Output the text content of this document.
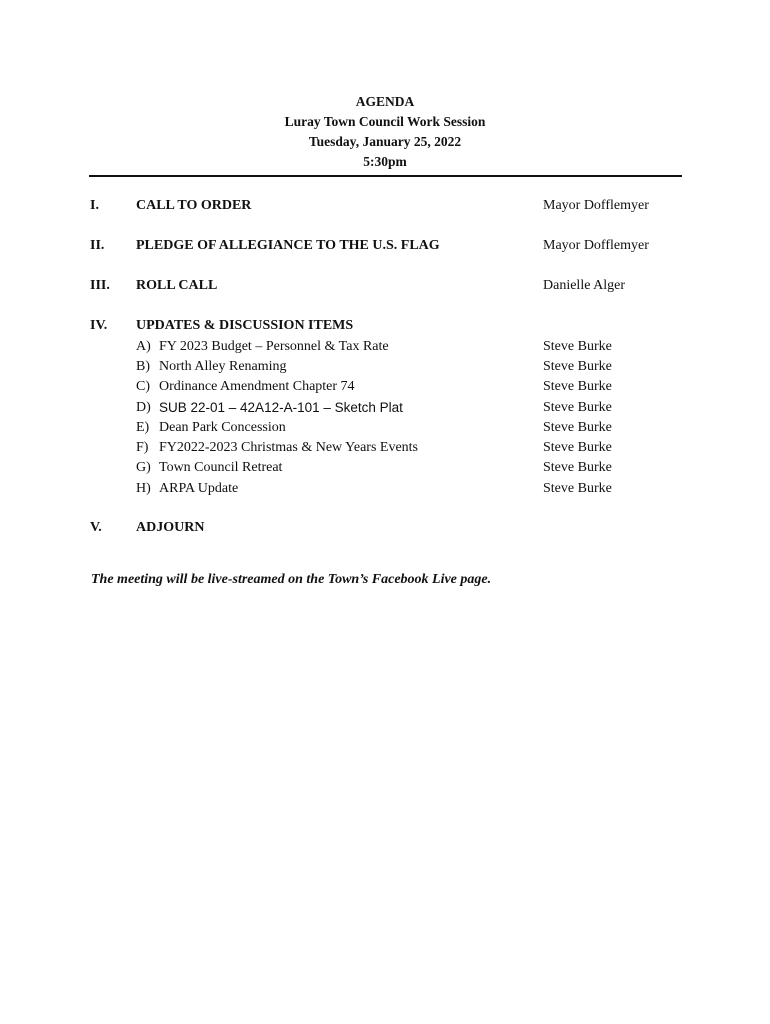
AGENDA
Luray Town Council Work Session
Tuesday, January 25, 2022
5:30pm
I.	CALL TO ORDER	Mayor Dofflemyer
II. PLEDGE OF ALLEGIANCE TO THE U.S. FLAG	Mayor Dofflemyer
III. ROLL CALL	Danielle Alger
IV. UPDATES & DISCUSSION ITEMS
A) FY 2023 Budget – Personnel & Tax Rate	Steve Burke
B) North Alley Renaming	Steve Burke
C) Ordinance Amendment Chapter 74	Steve Burke
D) SUB 22-01 – 42A12-A-101 – Sketch Plat	Steve Burke
E) Dean Park Concession	Steve Burke
F) FY2022-2023 Christmas & New Years Events	Steve Burke
G) Town Council Retreat	Steve Burke
H) ARPA Update	Steve Burke
V. ADJOURN
The meeting will be live-streamed on the Town’s Facebook Live page.
